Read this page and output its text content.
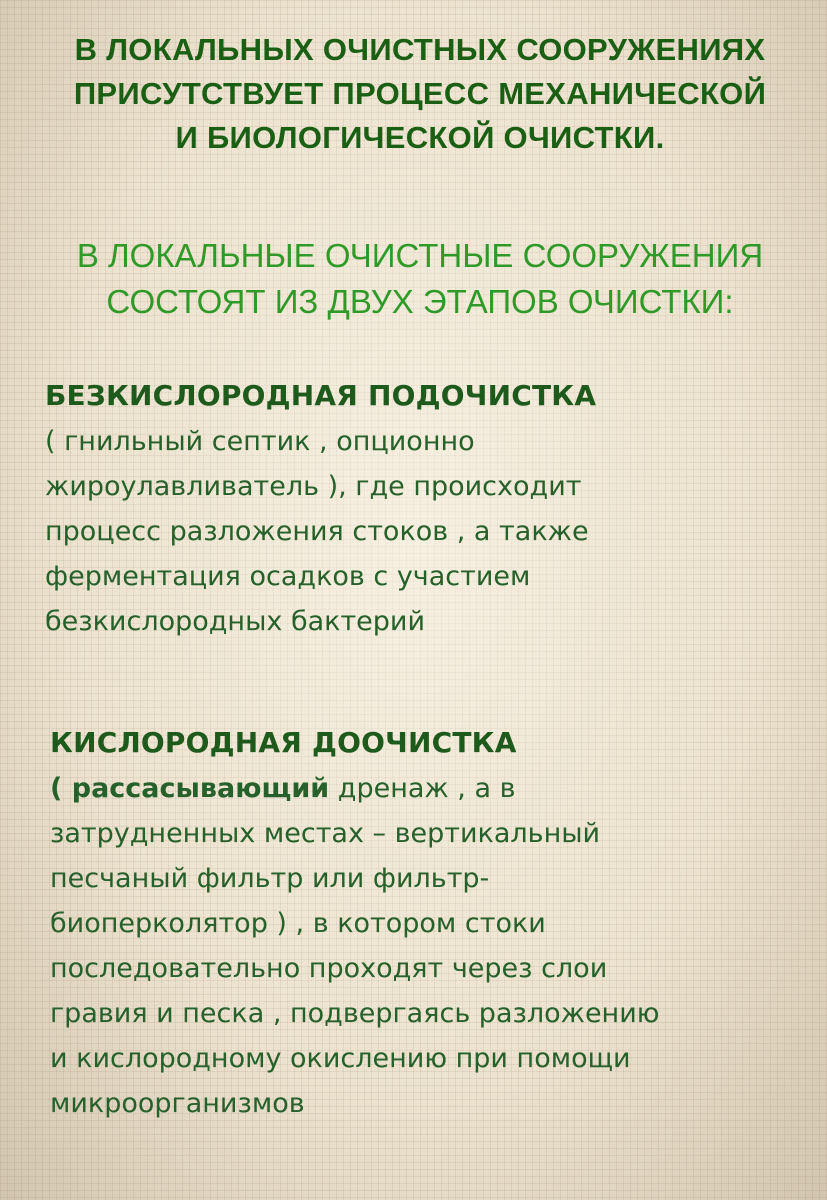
В ЛОКАЛЬНЫХ ОЧИСТНЫХ СООРУЖЕНИЯХ ПРИСУТСТВУЕТ ПРОЦЕСС МЕХАНИЧЕСКОЙ И БИОЛОГИЧЕСКОЙ ОЧИСТКИ.
В ЛОКАЛЬНЫЕ ОЧИСТНЫЕ СООРУЖЕНИЯ СОСТОЯТ ИЗ ДВУХ ЭТАПОВ ОЧИСТКИ:
БЕЗКИСЛОРОДНАЯ ПОДОЧИСТКА

( гнильный септик , опционно
жироулавливатель ), где происходит
процесс разложения стоков , а также
ферментация осадков с участием
безкислородных бактерий

КИСЛОРОДНАЯ ДООЧИСТКА

( рассасывающий дренаж , а в
затрудненных местах – вертикальный
песчаный фильтр или фильтр-
биоперколятор ) , в котором стоки
последовательно проходят через слои
гравия и песка , подвергаясь разложению
и кислородному окислению при помощи
микроорганизмов
